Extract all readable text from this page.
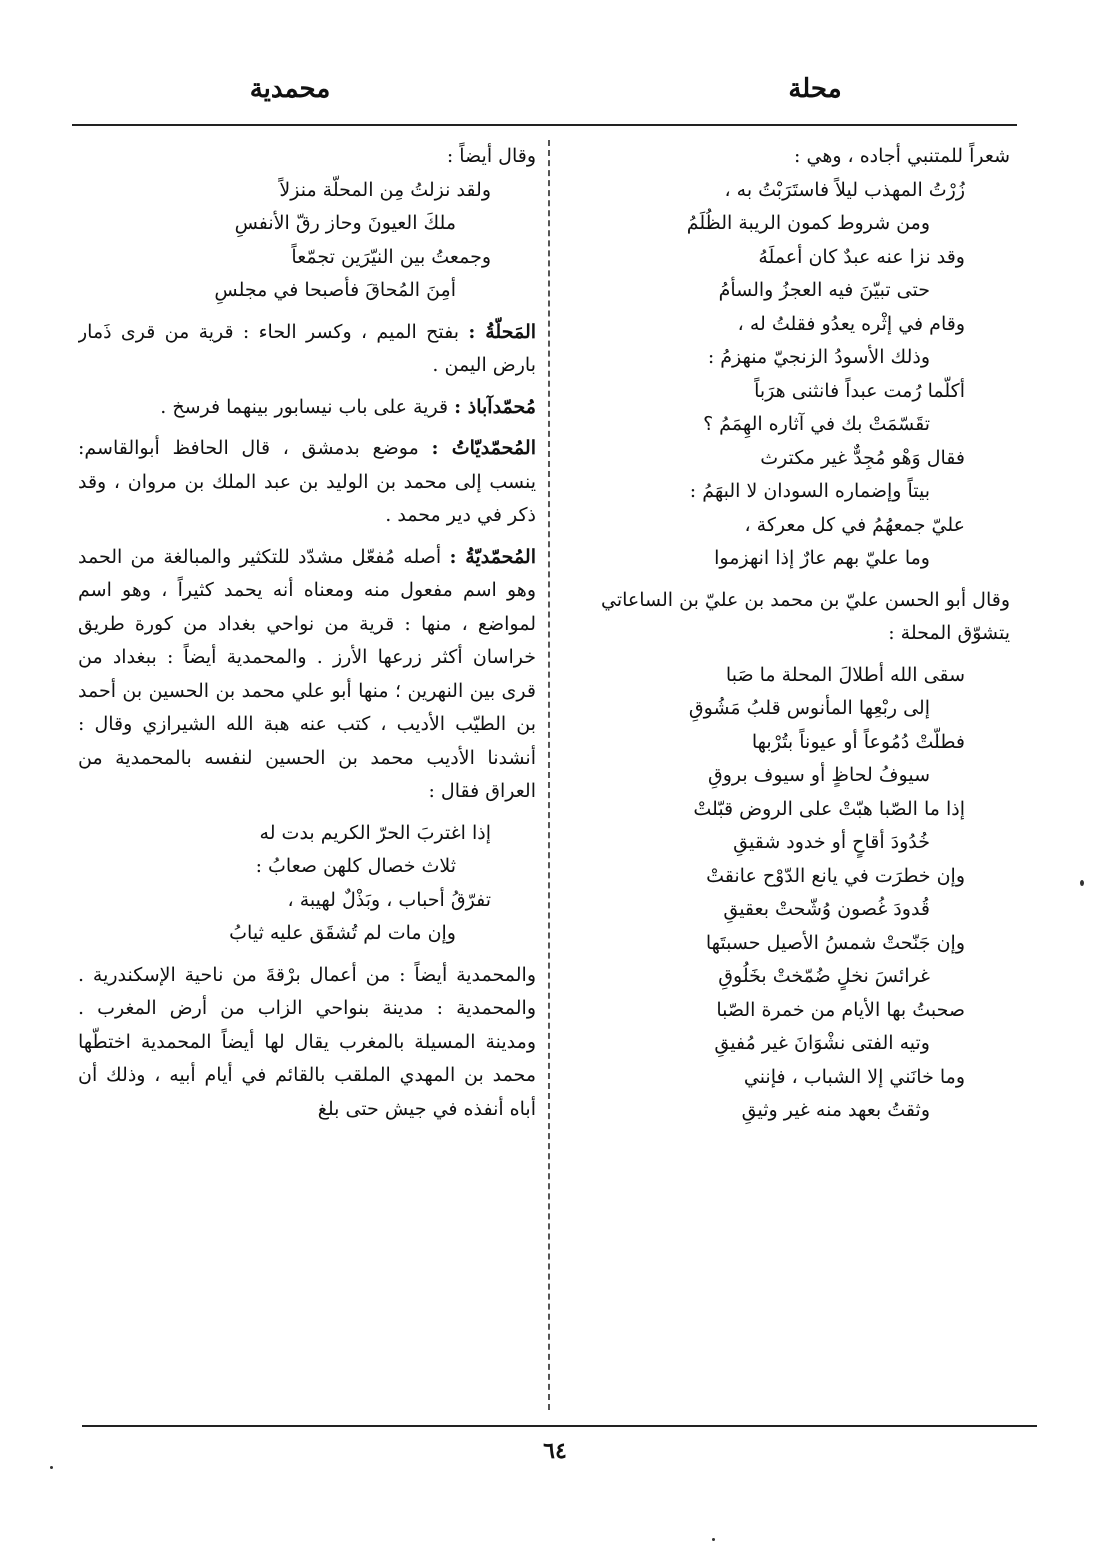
محلة
محمدية
شعراً للمتنبي أجاده ، وهي :
زُرْتُ المهذب ليلاً فاستَرَبْتُ به ،
ومن شروط كمون الريبة الظُلَمُ
وقد نزا عنه عبدٌ كان أعملَهُ
حتى تبيّنَ فيه العجزُ والسأمُ
وقام في إثْره يعدُو فقلتُ له ،
وذلك الأسودُ الزنجيّ منهزمُ :
أكلّما رُمت عبداً فانثنى هرَباً
تقَسّمَتْ بك في آثاره الهِمَمُ ؟
فقال وَهْو مُجِدٌّ غير مكترث
بيتاً وإضماره السودان لا البهَمُ :
عليّ جمعهُمُ في كل معركة ،
وما عليّ بهم عارٌ إذا انهزموا
وقال أبو الحسن عليّ بن محمد بن عليّ بن الساعاتي
يتشوّق المحلة :
سقى الله أطلالَ المحلة ما صَبا
إلى ربْعِها المأنوس قلبُ مَشُوقِ
فطلّتْ دُمُوعاً أو عيوناً بتُرْبها
سيوفُ لحاظٍ أو سيوف بروقِ
إذا ما الصّبا هبّتْ على الروض قبّلتْ
خُدُودَ أقاحٍ أو خدود شقيقِ
وإن خطرَت في يانع الدّوْح عانقتْ
قُدودَ غُصون وُشّحتْ بعقيقِ
وإن جَنّحتْ شمسُ الأصيل حسبتَها
غرائسَ نخلٍ ضُمّختْ بخَلُوقِ
صحبتُ بها الأيام من خمرة الصّبا
وتيه الفتى نشْوَانَ غير مُفيقِ
وما خانَني إلا الشباب ، فإنني
وثقتُ بعهد منه غير وثيقِ
وقال أيضاً :
ولقد نزلتُ مِن المحلّة منزلاً
ملكَ العيونَ وحاز رقّ الأنفسِ
وجمعتُ بين النيّرَين تجمّعاً
أمِنَ المُحاقَ فأصبحا في مجلسِ
المَحلّةُ : بفتح الميم ، وكسر الحاء : قرية من قرى ذَمار بارض اليمن .
مُحمّدآباذ : قرية على باب نيسابور بينهما فرسخ .
المُحمّديّاتُ : موضع بدمشق ، قال الحافظ أبوالقاسم: ينسب إلى محمد بن الوليد بن عبد الملك بن مروان ، وقد ذكر في دير محمد .
المُحمّديّةُ : أصله مُفعّل مشدّد للتكثير والمبالغة من الحمد وهو اسم مفعول منه ومعناه أنه يحمد كثيراً ، وهو اسم لمواضع ، منها : قرية من نواحي بغداد من كورة طريق خراسان أكثر زرعها الأرز . والمحمدية أيضاً : ببغداد من قرى بين النهرين ؛ منها أبو علي محمد بن الحسين بن أحمد بن الطيّب الأديب ، كتب عنه هبة الله الشيرازي وقال : أنشدنا الأديب محمد بن الحسين لنفسه بالمحمدية من العراق فقال :
إذا اغتربَ الحرّ الكريم بدت له
ثلاث خصال كلهن صعابُ :
تفرّقُ أحباب ، وبَذْلٌ لهيبة ،
وإن مات لم تُشقَق عليه ثيابُ
والمحمدية أيضاً : من أعمال برْقةَ من ناحية الإسكندرية . والمحمدية : مدينة بنواحي الزاب من أرض المغرب . ومدينة المسيلة بالمغرب يقال لها أيضاً المحمدية اختطّها محمد بن المهدي الملقب بالقائم في أيام أبيه ، وذلك أن أباه أنفذه في جيش حتى بلغ
٦٤
